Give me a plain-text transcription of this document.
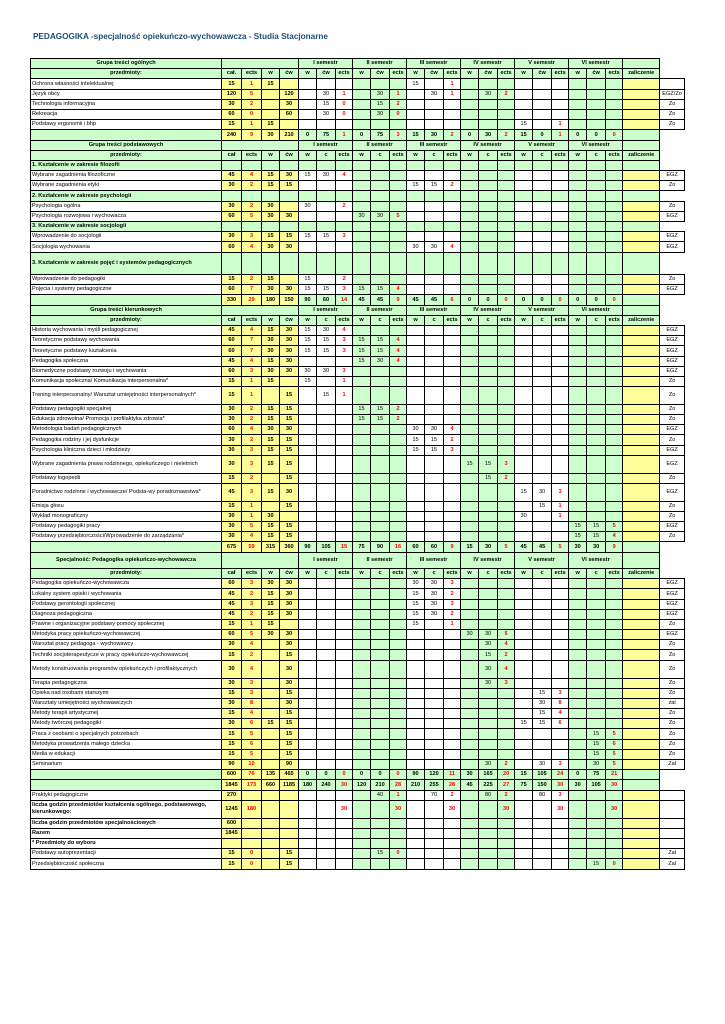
PEDAGOGIKA -specjalność opiekuńczo-wychowawcza - Studia Stacjonarne
Grupa treści ogólnych					I semestr			II semestr			III semestr			IV semestr			V semestr			VI semestr				
przedmioty:	cał.	ects	w	ćw	w	ćw	ects	w	ćw	ects	w	ćw	ects	w	ćw	ects	w	ćw	ects	w	ćw	ects	zaliczenie	
Ochrona własności intelektualnej	15	1	15								15		1											
Język obcy	120	5		120		30	1		30	1		30	1		30	2								EGZ/Zo
Technologia informacyjna	30	2		30		15	0		15	2														Zo
Rekreacja	60	0		60		30	0		30	0														Zo
Podstawy ergonomii i bhp	15	1	15														15		1					Zo
	240	9	30	210	0	75	1	0	75	3	15	30	2	0	30	2	15	0	1	0	0	0		
Grupa treści podstawowych					I semestr			II semestr			III semestr			IV semestr			V semestr			VI semestr				
przedmioty:	cał	ects	w	ćw	w	c	ects	w	c	ects	w	c	ects	w	c	ects	w	c	ects	w	c	ects	zaliczenie	
1. Kształcenie w zakresie filozofii																								
Wybrane zagadnienia filozoficzne	45	4	15	30	15	30	4																	EGZ
Wybrane zagadnienia etyki	30	2	15	15							15	15	2											Zo
2. Kształcenie w zakresie psychologii																								
Psychologia ogólna	30	2	30		30		2																	Zo
Psychologia rozwojowa i wychowacza	60	5	30	30				30	30	5														EGZ
3. Kształcenie w zakresie socjologii																								
Wprowadzenie do socjologii	30	3	15	15	15	15	3																	EGZ
Socjologia wychowania	60	4	30	30							30	30	4											EGZ
3. Kształcenie w zakresie pojęć i systemów pedagogicznych																								
Wprowadzenie do pedagogiki	15	2	15		15		2																	Zo
Pojęcia i systemy pedagogiczne	60	7	30	30	15	15	3	15	15	4														EGZ
	330	29	180	150	90	60	14	45	45	9	45	45	6	0	0	0	0	0	0	0	0	0		
Grupa treści kierunkowych					I semestr			II semestr			III semestr			IV semestr			V semestr			VI semestr				
przedmioty:	cał	ects	w	ćw	w	c	ects	w	c	ects	w	c	ects	w	c	ects	w	c	ects	w	c	ects	zaliczenie	
Historia wychowania i myśli pedagogicznej	45	4	15	30	15	30	4																	EGZ
Teoretyczne podstawy wychowania	60	7	30	30	15	15	3	15	15	4														EGZ
Teoretyczne podstawy kształcenia	60	7	30	30	15	15	3	15	15	4														EGZ
Pedagogika społeczna	45	4	15	30				15	30	4														EGZ
Biomedyczne podstawy rozwoju i wychowania	60	3	30	30	30	30	3																	EGZ
Komunikacja społeczna/ Komunikacja interpersonalna*	15	1	15		15		1																	Zo
Trening interpersonalny/ Warsztat umiejętności interpersonalnych*	15	1		15		15	1																	Zo
Podstawy pedagogiki specjalnej	30	2	15	15				15	15	2														Zo
Edukacja zdrowotna/ Promocja i profilaktyka zdrowia*	30	2	15	15				15	15	2														Zo
Metodologia badań pedagogicznych	60	4	30	30							30	30	4											EGZ
Pedagogika rodziny i jej dysfunkcje	30	2	15	15							15	15	2											Zo
Psychologia kliniczna dzieci i młodzieży	30	3	15	15							15	15	3											EGZ
Wybrane zagadnienia prawa rodzinnego, opiekuńczego i nieletnich	30	3	15	15										15	15	3								EGZ
Podstawy logopedii	15	2		15											15	2								Zo
Poradnictwo rodzinne i wychowawcze/ Podsta-wy poradoznawstwa*	45	3	15	30													15	30	3					EGZ
Emisja głosu	15	1		15														15	1					Zo
Wykład monograficzny	30	1	30														30		1					Zo
Podstawy pedagogiki pracy	30	5	15	15																15	15	5		EGZ
Podstawy przedsiębiorczości/Wprowadzenie do zarządzania*	30	4	15	15																15	15	4		Zo
	675	59	315	360	90	105	15	75	90	16	60	60	9	15	30	5	45	45	5	30	30	9		
Specjalność: Pedagogika opiekuńczo-wychowawcza					I semestr			II semestr			III semestr			IV semestr			V semestr			VI semestr				
przedmioty:	cał	ects	w	ćw	w	c	ects	w	c	ects	w	c	ects	w	c	ects	w	c	ects	w	c	ects	zaliczenie	
Pedagogika opiekuńczo-wychowawcza	60	3	30	30							30	30	3											EGZ
Lokalny system opieki i wychowania	45	2	15	30							15	30	2											EGZ
Podstawy gerontologii społecznej	45	3	15	30							15	30	3											EGZ
Diagnoza pedagogiczna	45	2	15	30							15	30	2											EGZ
Prawne i organizacyjne podstawy pomocy społecznej	15	1	15								15		1											Zo
Metodyka pracy opiekuńczo-wychowawczej	60	5	30	30										30	30	5								EGZ
Warsztat pracy pedagoga - wychowawcy	30	4		30											30	4								Zo
Techniki socjoterapeutycze w pracy opiekuńczo-wychowawczej	15	2		15											15	2								Zo
Metody konstruowania programów opiekuńczych i profilaktycznych	30	4		30											30	4								Zo
Terapia pedagogiczna	30	3		30											30	3								Zo
Opieka nad osobami starszymi	15	3		15														15	3					Zo
Warsztaty umiejętności wychowawczych	30	8		30														30	8					zal
Metody terapii artystycznej	15	4		15														15	4					Zo
Metody twórczej pedagogiki	30	6	15	15													15	15	6					Zo
Praca z osobami o specjalnych potrzebach	15	5		15																	15	5		Zo
Metodyka prowadzenia małego dziecka	15	6		15																	15	6		Zo
Media w edukacji	15	5		15																	15	5		Zo
Seminarium	90	10		90											30	2		30	3		30	5		Zal
	600	76	135	465	0	0	0	0	0	0	90	120	11	30	165	20	15	105	24	0	75	21		
	1845	173	660	1185	180	240	30	120	210	28	210	255	28	45	225	27	75	150	30	30	105	30		
Praktyki pedagogiczne	270								40	1		70	2		80	2		80	3					
liczba godzin przedmiotów kształcenia ogólnego, podstawowego, kierunkowego:	1245	180					30			30			30			30			30			30		
liczba godzin przedmiotów specjalnościowych	600																							
Razem	1845																							
* Przedmioty do wyboru																								
Podstawy autoprezentacji	15	0		15					15	0														Zal
Przedsiębiorczość społeczna	15	0		15																	15	0		Zal
